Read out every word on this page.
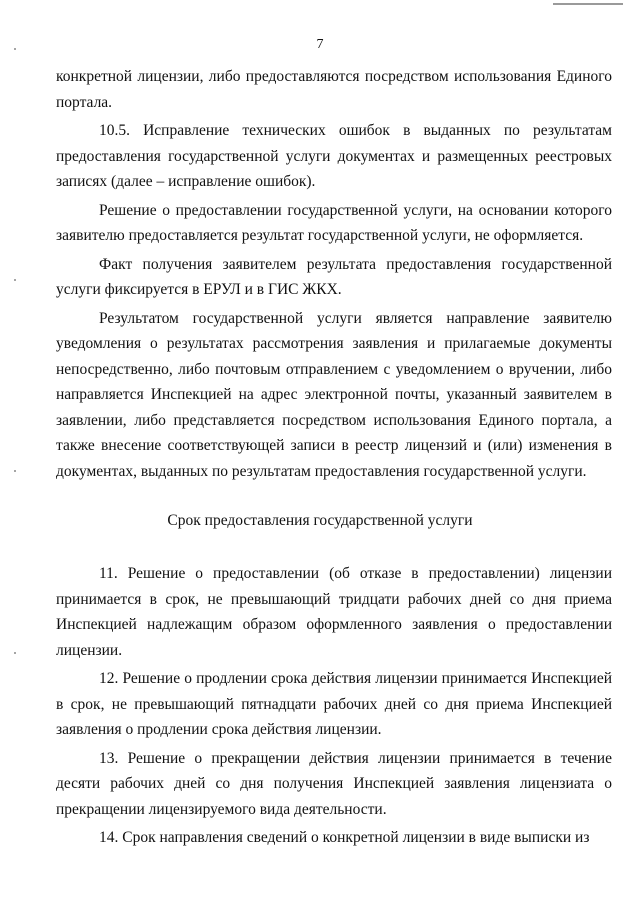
7

конкретной лицензии, либо предоставляются посредством использования Единого портала.

10.5. Исправление технических ошибок в выданных по результатам предоставления государственной услуги документах и размещенных реестровых записях (далее – исправление ошибок).

Решение о предоставлении государственной услуги, на основании которого заявителю предоставляется результат государственной услуги, не оформляется.

Факт получения заявителем результата предоставления государственной услуги фиксируется в ЕРУЛ и в ГИС ЖКХ.

Результатом государственной услуги является направление заявителю уведомления о результатах рассмотрения заявления и прилагаемые документы непосредственно, либо почтовым отправлением с уведомлением о вручении, либо направляется Инспекцией на адрес электронной почты, указанный заявителем в заявлении, либо представляется посредством использования Единого портала, а также внесение соответствующей записи в реестр лицензий и (или) изменения в документах, выданных по результатам предоставления государственной услуги.

Срок предоставления государственной услуги

11. Решение о предоставлении (об отказе в предоставлении) лицензии принимается в срок, не превышающий тридцати рабочих дней со дня приема Инспекцией надлежащим образом оформленного заявления о предоставлении лицензии.

12. Решение о продлении срока действия лицензии принимается Инспекцией в срок, не превышающий пятнадцати рабочих дней со дня приема Инспекцией заявления о продлении срока действия лицензии.

13. Решение о прекращении действия лицензии принимается в течение десяти рабочих дней со дня получения Инспекцией заявления лицензиата о прекращении лицензируемого вида деятельности.

14. Срок направления сведений о конкретной лицензии в виде выписки из
